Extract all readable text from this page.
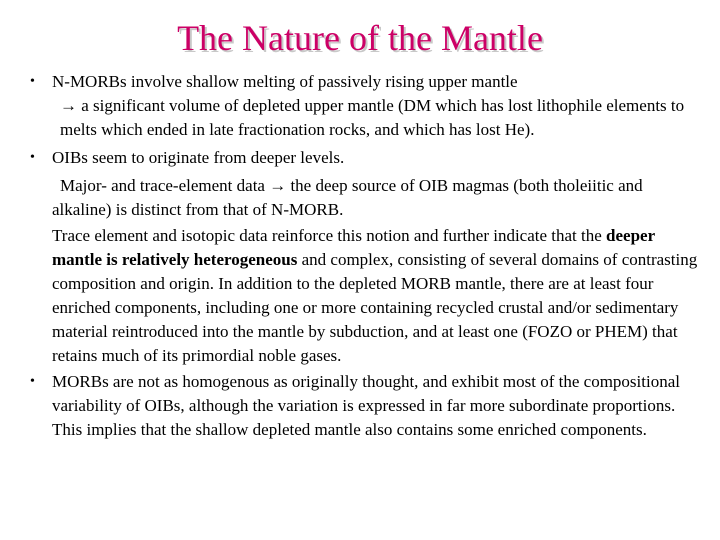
The Nature of the Mantle
•	N-MORBs involve shallow melting of passively rising upper mantle
→ a significant volume of depleted upper mantle (DM which has lost lithophile elements to melts which ended in late fractionation rocks, and which has lost He).
•	OIBs seem to originate from deeper levels.
Major- and trace-element data → the deep source of OIB magmas (both tholeiitic and alkaline) is distinct from that of N-MORB.
Trace element and isotopic data reinforce this notion and further indicate that the deeper mantle is relatively heterogeneous and complex, consisting of several domains of contrasting composition and origin. In addition to the depleted MORB mantle, there are at least four enriched components, including one or more containing recycled crustal and/or sedimentary material reintroduced into the mantle by subduction, and at least one (FOZO or PHEM) that retains much of its primordial noble gases.
•	MORBs are not as homogenous as originally thought, and exhibit most of the compositional variability of OIBs, although the variation is expressed in far more subordinate proportions. This implies that the shallow depleted mantle also contains some enriched components.
